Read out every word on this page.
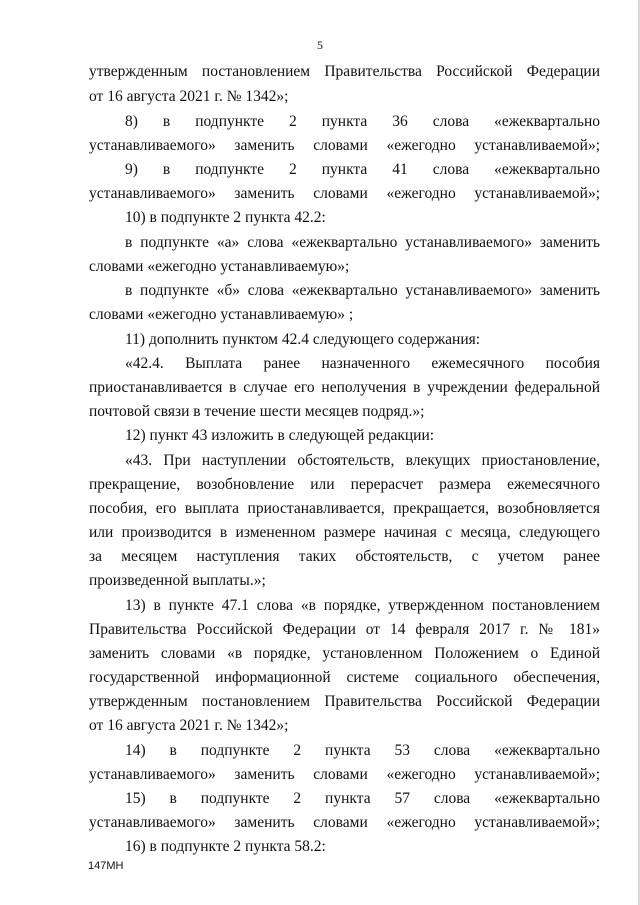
5
утвержденным постановлением Правительства Российской Федерации
от 16 августа 2021 г. № 1342»;
8) в подпункте 2 пункта 36 слова «ежеквартально
устанавливаемого» заменить словами «ежегодно устанавливаемой»;
9) в подпункте 2 пункта 41 слова «ежеквартально
устанавливаемого» заменить словами «ежегодно устанавливаемой»;
10) в подпункте 2 пункта 42.2:
в подпункте «а» слова «ежеквартально устанавливаемого» заменить
словами «ежегодно устанавливаемую»;
в подпункте «б» слова «ежеквартально устанавливаемого» заменить
словами «ежегодно устанавливаемую» ;
11) дополнить пунктом 42.4 следующего содержания:
«42.4. Выплата ранее назначенного ежемесячного пособия
приостанавливается в случае его неполучения в учреждении федеральной
почтовой связи в течение шести месяцев подряд.»;
12) пункт 43 изложить в следующей редакции:
«43. При наступлении обстоятельств, влекущих приостановление,
прекращение, возобновление или перерасчет размера ежемесячного
пособия, его выплата приостанавливается, прекращается, возобновляется
или производится в измененном размере начиная с месяца, следующего
за месяцем наступления таких обстоятельств, с учетом ранее
произведенной выплаты.»;
13) в пункте 47.1 слова «в порядке, утвержденном постановлением
Правительства Российской Федерации от 14 февраля 2017 г. № 181»
заменить словами «в порядке, установленном Положением о Единой
государственной информационной системе социального обеспечения,
утвержденным постановлением Правительства Российской Федерации
от 16 августа 2021 г. № 1342»;
14) в подпункте 2 пункта 53 слова «ежеквартально
устанавливаемого» заменить словами «ежегодно устанавливаемой»;
15) в подпункте 2 пункта 57 слова «ежеквартально
устанавливаемого» заменить словами «ежегодно устанавливаемой»;
16) в подпункте 2 пункта 58.2:
147МН
